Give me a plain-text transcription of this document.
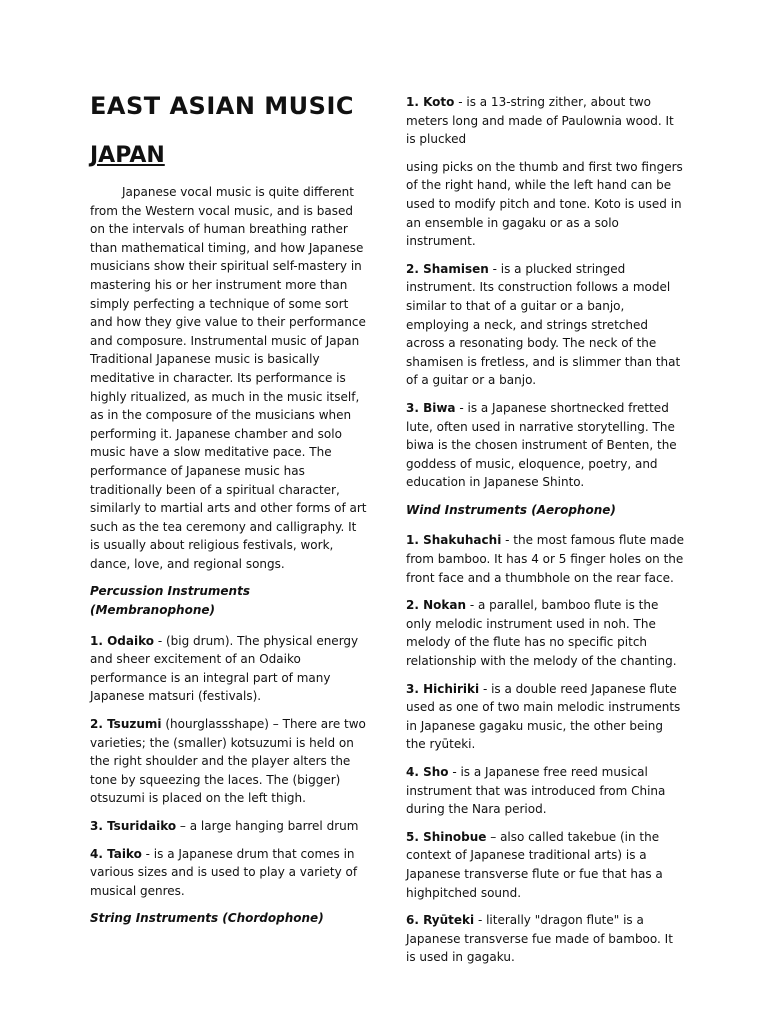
EAST ASIAN MUSIC
JAPAN

Japanese vocal music is quite different from the Western vocal music, and is based on the intervals of human breathing rather than mathematical timing, and how Japanese musicians show their spiritual self-mastery in mastering his or her instrument more than simply perfecting a technique of some sort and how they give value to their performance and composure. Instrumental music of Japan Traditional Japanese music is basically meditative in character. Its performance is highly ritualized, as much in the music itself, as in the composure of the musicians when performing it. Japanese chamber and solo music have a slow meditative pace. The performance of Japanese music has traditionally been of a spiritual character, similarly to martial arts and other forms of art such as the tea ceremony and calligraphy. It is usually about religious festivals, work, dance, love, and regional songs.

Percussion Instruments (Membranophone)

1. Odaiko - (big drum). The physical energy and sheer excitement of an Odaiko performance is an integral part of many Japanese matsuri (festivals).

2. Tsuzumi (hourglassshape) – There are two varieties; the (smaller) kotsuzumi is held on the right shoulder and the player alters the tone by squeezing the laces. The (bigger) otsuzumi is placed on the left thigh.

3. Tsuridaiko – a large hanging barrel drum

4. Taiko - is a Japanese drum that comes in various sizes and is used to play a variety of musical genres.

String Instruments (Chordophone)

1. Koto - is a 13-string zither, about two meters long and made of Paulownia wood. It is plucked

using picks on the thumb and first two fingers of the right hand, while the left hand can be used to modify pitch and tone. Koto is used in an ensemble in gagaku or as a solo instrument.

2. Shamisen - is a plucked stringed instrument. Its construction follows a model similar to that of a guitar or a banjo, employing a neck, and strings stretched across a resonating body. The neck of the shamisen is fretless, and is slimmer than that of a guitar or a banjo.

3. Biwa - is a Japanese shortnecked fretted lute, often used in narrative storytelling. The biwa is the chosen instrument of Benten, the goddess of music, eloquence, poetry, and education in Japanese Shinto.

Wind Instruments (Aerophone)

1. Shakuhachi - the most famous flute made from bamboo. It has 4 or 5 finger holes on the front face and a thumbhole on the rear face.

2. Nokan - a parallel, bamboo flute is the only melodic instrument used in noh. The melody of the flute has no specific pitch relationship with the melody of the chanting.

3. Hichiriki - is a double reed Japanese flute used as one of two main melodic instruments in Japanese gagaku music, the other being the ryūteki.

4. Sho - is a Japanese free reed musical instrument that was introduced from China during the Nara period.

5. Shinobue – also called takebue (in the context of Japanese traditional arts) is a Japanese transverse flute or fue that has a highpitched sound.

6. Ryūteki - literally "dragon flute" is a Japanese transverse fue made of bamboo. It is used in gagaku.
